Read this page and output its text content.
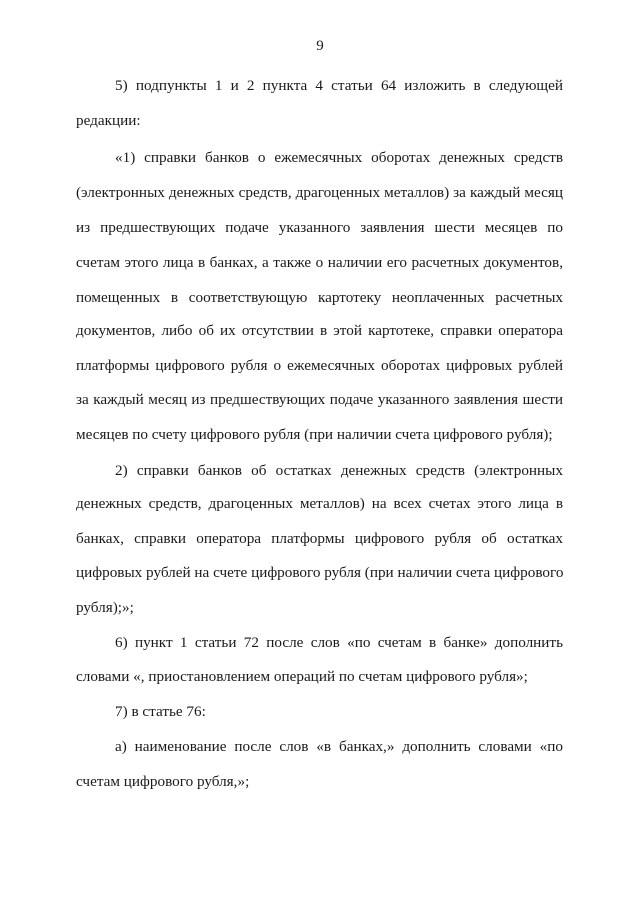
9
5) подпункты 1 и 2 пункта 4 статьи 64 изложить в следующей
редакции:
«1) справки банков о ежемесячных оборотах денежных средств
(электронных денежных средств, драгоценных металлов) за каждый месяц
из предшествующих подаче указанного заявления шести месяцев по
счетам этого лица в банках, а также о наличии его расчетных документов,
помещенных в соответствующую картотеку неоплаченных расчетных
документов, либо об их отсутствии в этой картотеке, справки оператора
платформы цифрового рубля о ежемесячных оборотах цифровых рублей
за каждый месяц из предшествующих подаче указанного заявления шести
месяцев по счету цифрового рубля (при наличии счета цифрового рубля);
2) справки банков об остатках денежных средств (электронных
денежных средств, драгоценных металлов) на всех счетах этого лица в
банках, справки оператора платформы цифрового рубля об остатках
цифровых рублей на счете цифрового рубля (при наличии счета цифрового
рубля);»;
6) пункт 1 статьи 72 после слов «по счетам в банке» дополнить
словами «, приостановлением операций по счетам цифрового рубля»;
7) в статье 76:
а) наименование после слов «в банках,» дополнить словами «по
счетам цифрового рубля,»;
